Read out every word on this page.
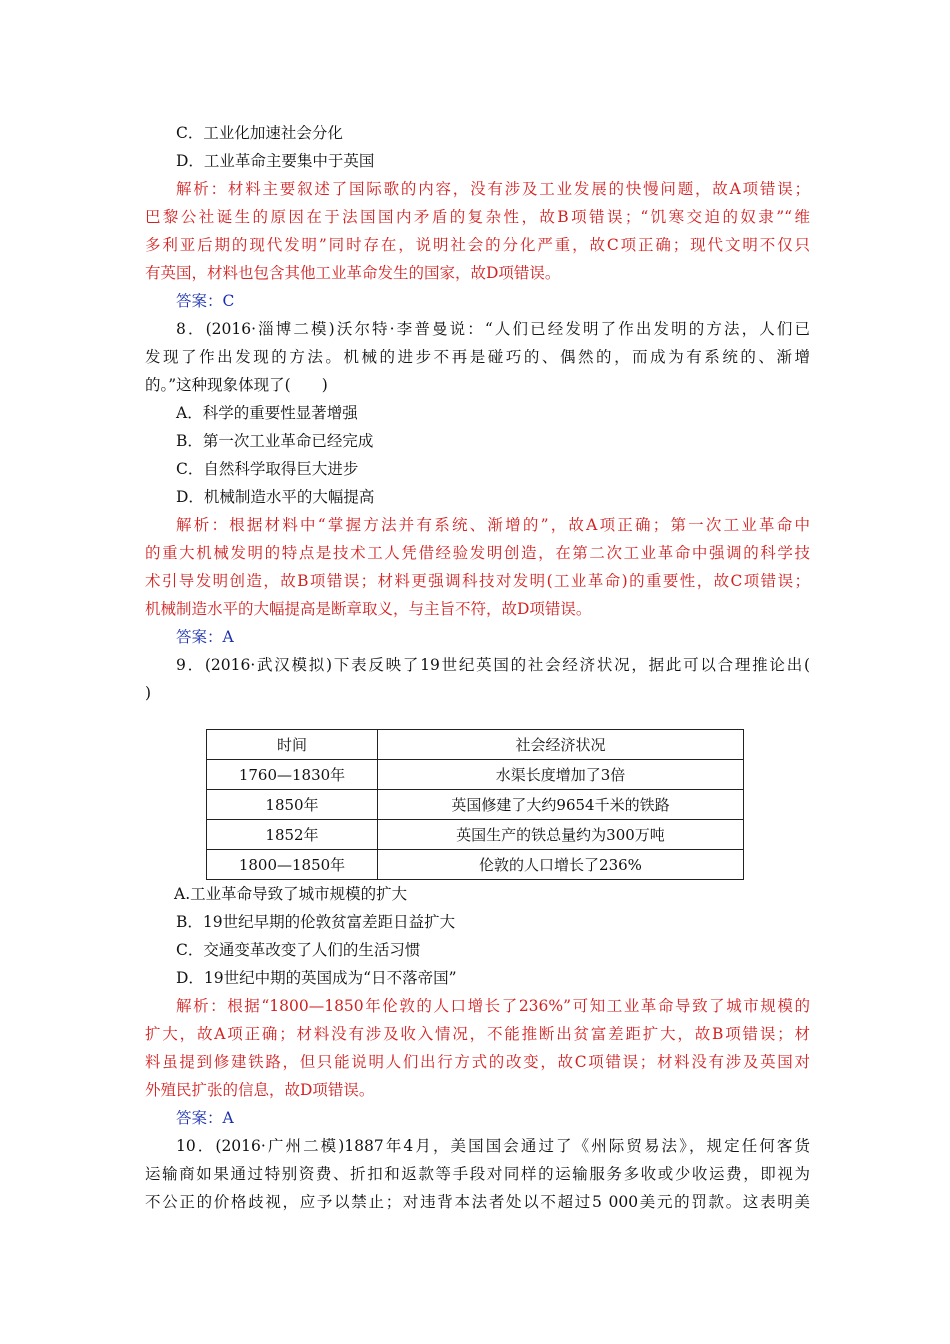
C．工业化加速社会分化
D．工业革命主要集中于英国
解析：材料主要叙述了国际歌的内容，没有涉及工业发展的快慢问题，故A项错误；
巴黎公社诞生的原因在于法国国内矛盾的复杂性，故B项错误；“饥寒交迫的奴隶”“维
多利亚后期的现代发明”同时存在，说明社会的分化严重，故C项正确；现代文明不仅只
有英国，材料也包含其他工业革命发生的国家，故D项错误。
答案：C
8．(2016·淄博二模)沃尔特·李普曼说：“人们已经发明了作出发明的方法，人们已
发现了作出发现的方法。机械的进步不再是碰巧的、偶然的，而成为有系统的、渐增
的。”这种现象体现了(　　)
A．科学的重要性显著增强
B．第一次工业革命已经完成
C．自然科学取得巨大进步
D．机械制造水平的大幅提高
解析：根据材料中“掌握方法并有系统、渐增的”，故A项正确；第一次工业革命中
的重大机械发明的特点是技术工人凭借经验发明创造，在第二次工业革命中强调的科学技
术引导发明创造，故B项错误；材料更强调科技对发明(工业革命)的重要性，故C项错误；
机械制造水平的大幅提高是断章取义，与主旨不符，故D项错误。
答案：A
9．(2016·武汉模拟)下表反映了19世纪英国的社会经济状况，据此可以合理推论出(
)
时间	社会经济状况
1760—1830年	水渠长度增加了3倍
1850年	英国修建了大约9654千米的铁路
1852年	英国生产的铁总量约为300万吨
1800—1850年	伦敦的人口增长了236%
A.工业革命导致了城市规模的扩大
B．19世纪早期的伦敦贫富差距日益扩大
C．交通变革改变了人们的生活习惯
D．19世纪中期的英国成为“日不落帝国”
解析：根据“1800—1850年伦敦的人口增长了236%”可知工业革命导致了城市规模的
扩大，故A项正确；材料没有涉及收入情况，不能推断出贫富差距扩大，故B项错误；材
料虽提到修建铁路，但只能说明人们出行方式的改变，故C项错误；材料没有涉及英国对
外殖民扩张的信息，故D项错误。
答案：A
10．(2016·广州二模)1887年4月，美国国会通过了《州际贸易法》，规定任何客货
运输商如果通过特别资费、折扣和返款等手段对同样的运输服务多收或少收运费，即视为
不公正的价格歧视，应予以禁止；对违背本法者处以不超过5 000美元的罚款。这表明美
